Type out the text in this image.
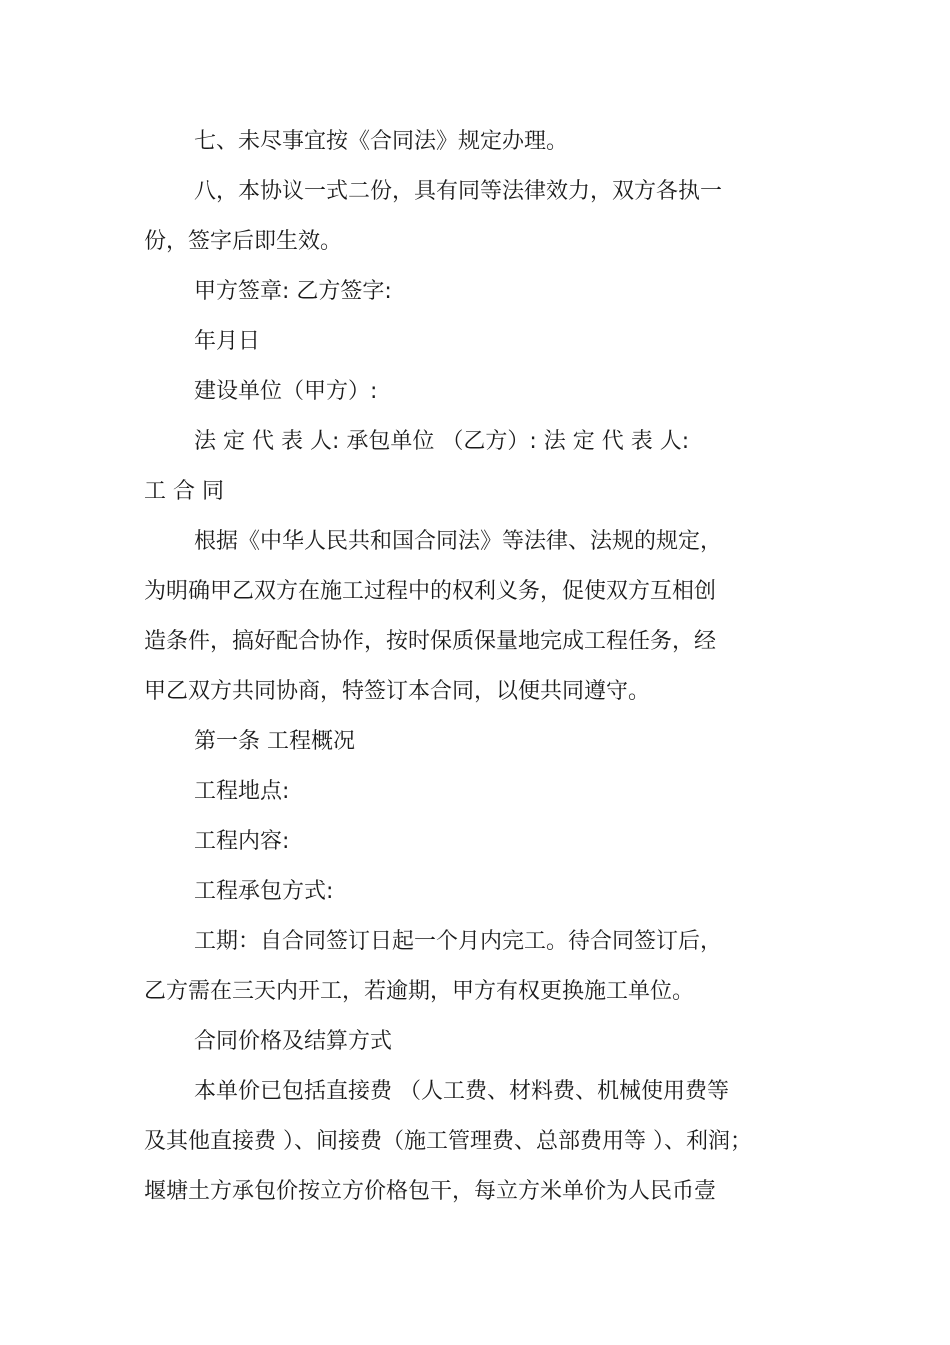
七、未尽事宜按《合同法》规定办理。
八，本协议一式二份，具有同等法律效力，双方各执一
份，签字后即生效。
甲方签章: 乙方签字:
年月日
建设单位（甲方）:
法 定 代 表 人: 承包单位 （乙方）: 法 定 代 表 人:
工 合 同
根据《中华人民共和国合同法》等法律、法规的规定，
为明确甲乙双方在施工过程中的权利义务，促使双方互相创
造条件，搞好配合协作，按时保质保量地完成工程任务，经
甲乙双方共同协商，特签订本合同，以便共同遵守。
第一条 工程概况
工程地点:
工程内容:
工程承包方式:
工期：自合同签订日起一个月内完工。待合同签订后，
乙方需在三天内开工，若逾期，甲方有权更换施工单位。
合同价格及结算方式
本单价已包括直接费 （人工费、材料费、机械使用费等
及其他直接费 ）、间接费（施工管理费、总部费用等 ）、利润；
堰塘土方承包价按立方价格包干，每立方米单价为人民币壹
